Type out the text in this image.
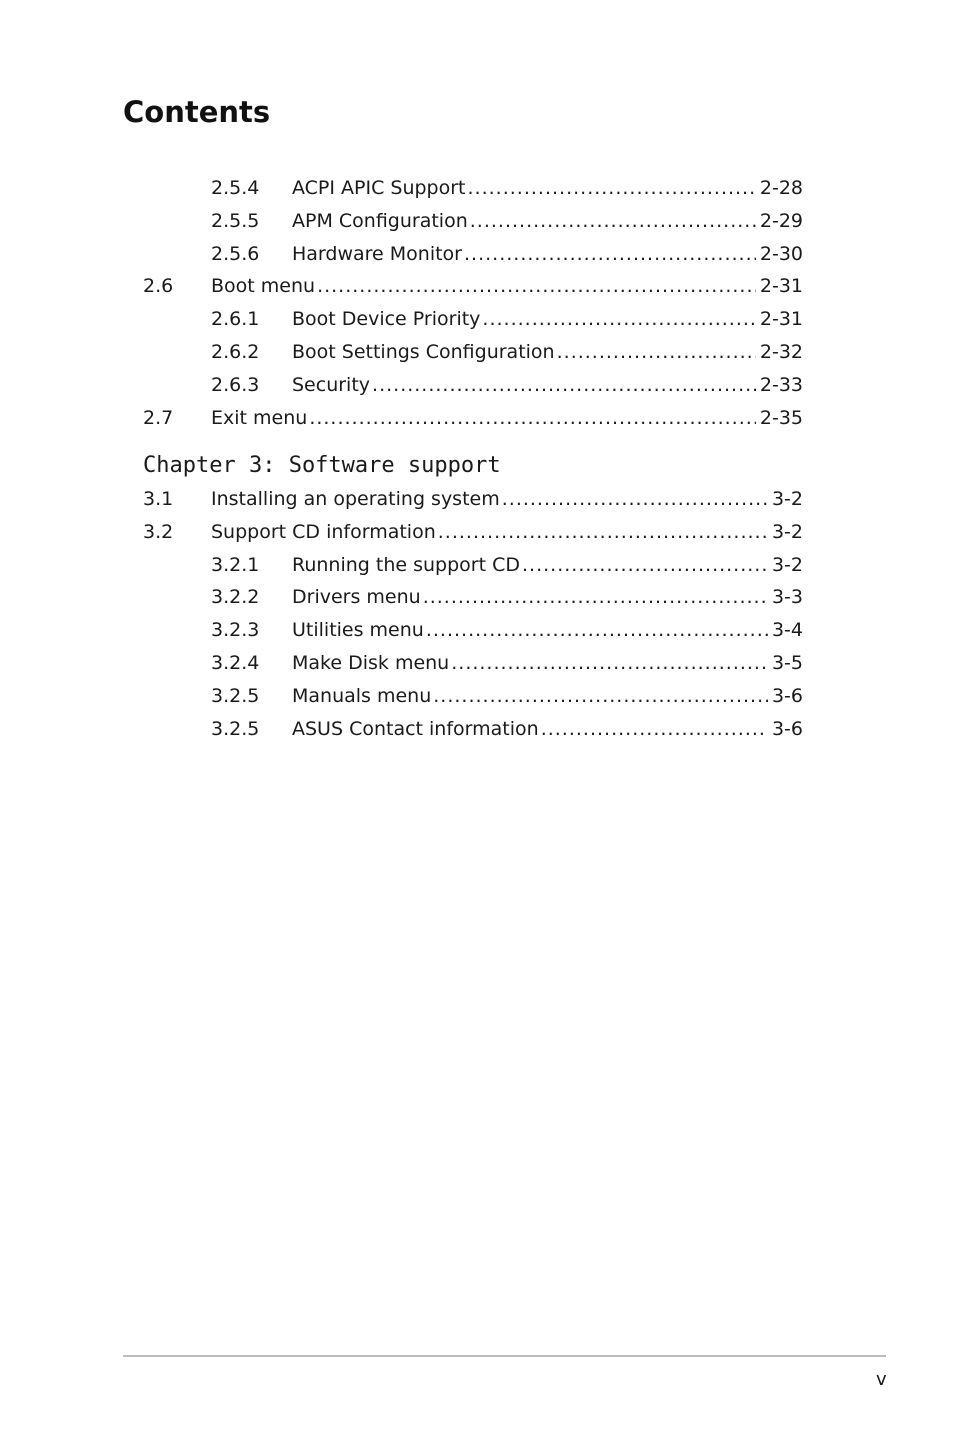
Contents
2.5.4	ACPI APIC Support .....	2-28
2.5.5	APM Configuration .....	2-29
2.5.6	Hardware Monitor .....	2-30
2.6	Boot menu .....	2-31
2.6.1	Boot Device Priority .....	2-31
2.6.2	Boot Settings Configuration .....	2-32
2.6.3	Security .....	2-33
2.7	Exit menu .....	2-35
Chapter 3: Software support
3.1	Installing an operating system .....	3-2
3.2	Support CD information .....	3-2
3.2.1	Running the support CD .....	3-2
3.2.2	Drivers menu .....	3-3
3.2.3	Utilities menu .....	3-4
3.2.4	Make Disk menu .....	3-5
3.2.5	Manuals menu .....	3-6
3.2.5	ASUS Contact information .....	3-6
v
